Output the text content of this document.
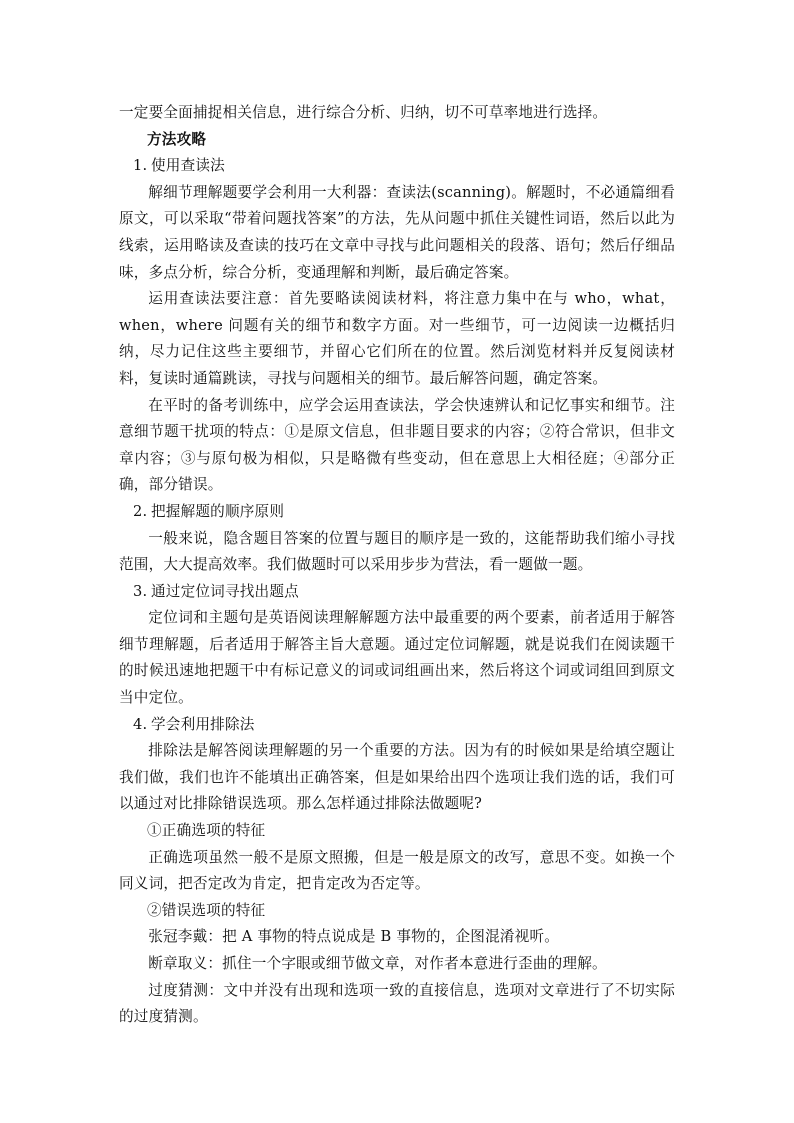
一定要全面捕捉相关信息，进行综合分析、归纳，切不可草率地进行选择。

方法攻略

1. 使用查读法

解细节理解题要学会利用一大利器：查读法(scanning)。解题时，不必通篇细看原文，可以采取“带着问题找答案”的方法，先从问题中抓住关键性词语，然后以此为线索，运用略读及查读的技巧在文章中寻找与此问题相关的段落、语句；然后仔细品味，多点分析，综合分析，变通理解和判断，最后确定答案。

运用查读法要注意：首先要略读阅读材料，将注意力集中在与 who，what，when，where 问题有关的细节和数字方面。对一些细节，可一边阅读一边概括归纳，尽力记住这些主要细节，并留心它们所在的位置。然后浏览材料并反复阅读材料，复读时通篇跳读，寻找与问题相关的细节。最后解答问题，确定答案。

在平时的备考训练中，应学会运用查读法，学会快速辨认和记忆事实和细节。注意细节题干扰项的特点：①是原文信息，但非题目要求的内容；②符合常识，但非文章内容；③与原句极为相似，只是略微有些变动，但在意思上大相径庭；④部分正确，部分错误。

2. 把握解题的顺序原则

一般来说，隐含题目答案的位置与题目的顺序是一致的，这能帮助我们缩小寻找范围，大大提高效率。我们做题时可以采用步步为营法，看一题做一题。

3. 通过定位词寻找出题点

定位词和主题句是英语阅读理解解题方法中最重要的两个要素，前者适用于解答细节理解题，后者适用于解答主旨大意题。通过定位词解题，就是说我们在阅读题干的时候迅速地把题干中有标记意义的词或词组画出来，然后将这个词或词组回到原文当中定位。

4. 学会利用排除法

排除法是解答阅读理解题的另一个重要的方法。因为有的时候如果是给填空题让我们做，我们也许不能填出正确答案，但是如果给出四个选项让我们选的话，我们可以通过对比排除错误选项。那么怎样通过排除法做题呢?

①正确选项的特征

正确选项虽然一般不是原文照搬，但是一般是原文的改写，意思不变。如换一个同义词，把否定改为肯定，把肯定改为否定等。

②错误选项的特征

张冠李戴：把 A 事物的特点说成是 B 事物的，企图混淆视听。

断章取义：抓住一个字眼或细节做文章，对作者本意进行歪曲的理解。

过度猜测：文中并没有出现和选项一致的直接信息，选项对文章进行了不切实际的过度猜测。
